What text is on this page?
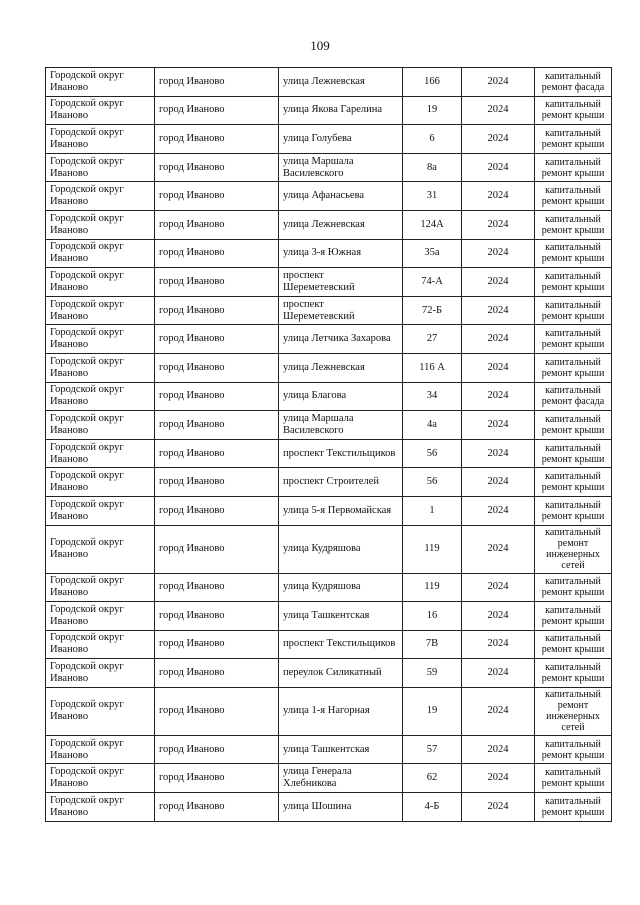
109
Городской округ Иваново	город Иваново	улица Лежневская	166	2024	капитальный ремонт фасада
Городской округ Иваново	город Иваново	улица Якова Гарелина	19	2024	капитальный ремонт крыши
Городской округ Иваново	город Иваново	улица Голубева	6	2024	капитальный ремонт крыши
Городской округ Иваново	город Иваново	улица Маршала Василевского	8а	2024	капитальный ремонт крыши
Городской округ Иваново	город Иваново	улица Афанасьева	31	2024	капитальный ремонт крыши
Городской округ Иваново	город Иваново	улица Лежневская	124А	2024	капитальный ремонт крыши
Городской округ Иваново	город Иваново	улица 3-я Южная	35а	2024	капитальный ремонт крыши
Городской округ Иваново	город Иваново	проспект Шереметевский	74-А	2024	капитальный ремонт крыши
Городской округ Иваново	город Иваново	проспект Шереметевский	72-Б	2024	капитальный ремонт крыши
Городской округ Иваново	город Иваново	улица Летчика Захарова	27	2024	капитальный ремонт крыши
Городской округ Иваново	город Иваново	улица Лежневская	116 А	2024	капитальный ремонт крыши
Городской округ Иваново	город Иваново	улица Благова	34	2024	капитальный ремонт фасада
Городской округ Иваново	город Иваново	улица Маршала Василевского	4а	2024	капитальный ремонт крыши
Городской округ Иваново	город Иваново	проспект Текстильщиков	56	2024	капитальный ремонт крыши
Городской округ Иваново	город Иваново	проспект Строителей	56	2024	капитальный ремонт крыши
Городской округ Иваново	город Иваново	улица 5-я Первомайская	1	2024	капитальный ремонт крыши
Городской округ Иваново	город Иваново	улица Кудряшова	119	2024	капитальный ремонт инженерных сетей
Городской округ Иваново	город Иваново	улица Кудряшова	119	2024	капитальный ремонт крыши
Городской округ Иваново	город Иваново	улица Ташкентская	16	2024	капитальный ремонт крыши
Городской округ Иваново	город Иваново	проспект Текстильщиков	7В	2024	капитальный ремонт крыши
Городской округ Иваново	город Иваново	переулок Силикатный	59	2024	капитальный ремонт крыши
Городской округ Иваново	город Иваново	улица 1-я Нагорная	19	2024	капитальный ремонт инженерных сетей
Городской округ Иваново	город Иваново	улица Ташкентская	57	2024	капитальный ремонт крыши
Городской округ Иваново	город Иваново	улица Генерала Хлебникова	62	2024	капитальный ремонт крыши
Городской округ Иваново	город Иваново	улица Шошина	4-Б	2024	капитальный ремонт крыши
